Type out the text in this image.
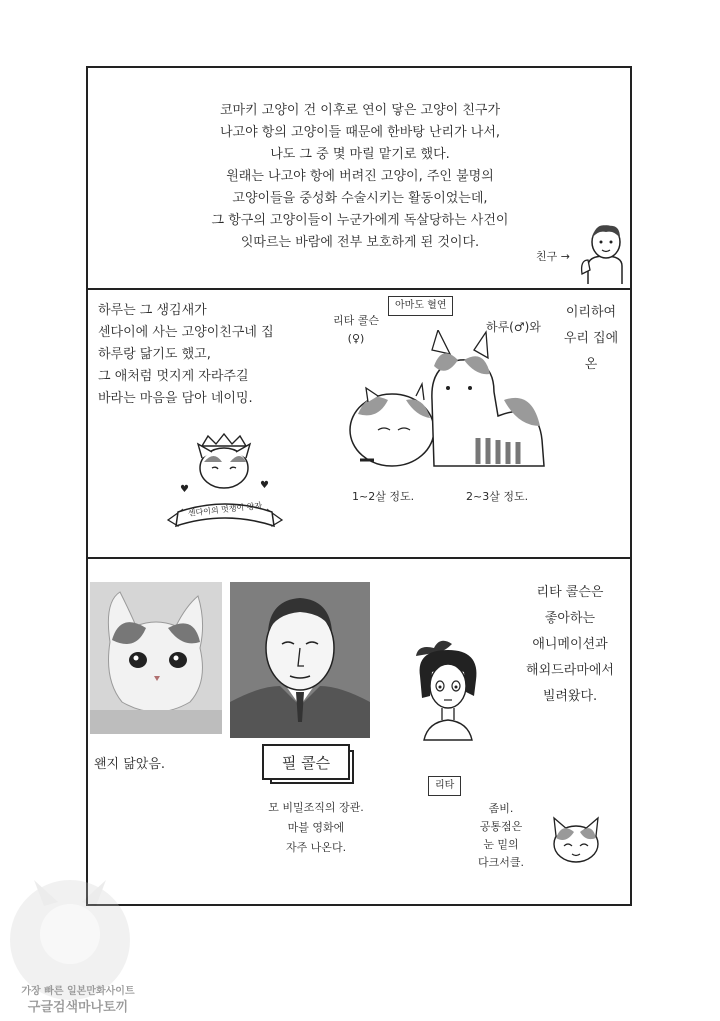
코마키 고양이 건 이후로 연이 닿은 고양이 친구가
나고야 항의 고양이들 때문에 한바탕 난리가 나서,
나도 그 중 몇 마릴 맡기로 했다.
원래는 나고야 항에 버려진 고양이, 주인 불명의
고양이들을 중성화 수술시키는 활동이었는데,
그 항구의 고양이들이 누군가에게 독살당하는 사건이
잇따르는 바람에 전부 보호하게 된 것이다.
친구 →
하루는 그 생김새가
센다이에 사는 고양이친구네 집
하루랑 닮기도 했고,
그 애처럼 멋지게 자라주길
바라는 마음을 담아 네이밍.
♥	♥
센다이의 멋쟁이 왕자
아마도 혈연
리타 콜슨
(♀)
하루(♂)와
이리하여
우리 집에
온
1~2살 정도.	2~3살 정도.
왠지 닮았음.	필 콜슨
모 비밀조직의 장관.
마블 영화에
자주 나온다.
리타 콜슨은
좋아하는
애니메이션과
해외드라마에서
빌려왔다.
리타
좀비.
공통점은
눈 밑의
다크서클.
가장 빠른 일본만화사이트
구글검색마나토끼
